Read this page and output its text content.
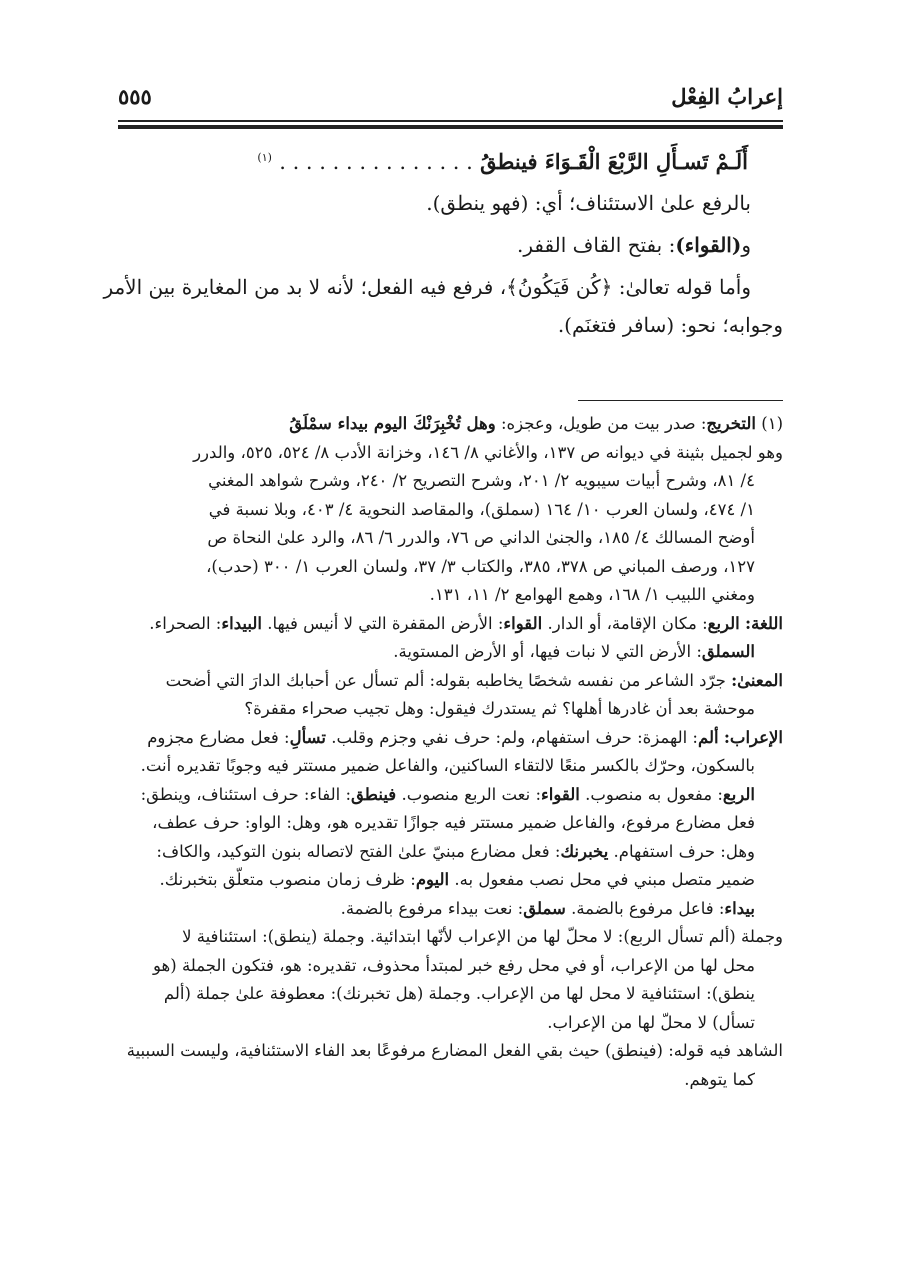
إعرابُ الفِعْل
٥٥٥
أَلَـمْ تَسـأَلِ الرَّبْعَ الْقَـوَاءَ فينطقُ . . . . . . . . . . . . . . . $^{(١)}$

بالرفع علىٰ الاستئناف؛ أي: (فهو ينطق).

و(القواء): بفتح القاف القفر.

وأما قوله تعالىٰ: ﴿كُن فَيَكُونُ﴾، فرفع فيه الفعل؛ لأنه لا بد من المغايرة بين الأمر

وجوابه؛ نحو: (سافر فتغنَم).

(١) التخريج: صدر بيت من طويل، وعجزه: وهل تُخْبِرَنْكَ اليوم بيداء سمْلَقُ

وهو لجميل بثينة في ديوانه ص ١٣٧، والأغاني ٨/ ١٤٦، وخزانة الأدب ٨/ ٥٢٤، ٥٢٥، والدرر

٤/ ٨١، وشرح أبيات سيبويه ٢/ ٢٠١، وشرح التصريح ٢/ ٢٤٠، وشرح شواهد المغني

١/ ٤٧٤، ولسان العرب ١٠/ ١٦٤ (سملق)، والمقاصد النحوية ٤/ ٤٠٣، وبلا نسبة في

أوضح المسالك ٤/ ١٨٥، والجنىٰ الداني ص ٧٦، والدرر ٦/ ٨٦، والرد علىٰ النحاة ص

١٢٧، ورصف المباني ص ٣٧٨، ٣٨٥، والكتاب ٣/ ٣٧، ولسان العرب ١/ ٣٠٠ (حدب)،

ومغني اللبيب ١/ ١٦٨، وهمع الهوامع ٢/ ١١، ١٣١.

اللغة: الربع: مكان الإقامة، أو الدار. القواء: الأرض المقفرة التي لا أنيس فيها. البيداء: الصحراء.

السملق: الأرض التي لا نبات فيها، أو الأرض المستوية.

المعنىٰ: جرّد الشاعر من نفسه شخصًا يخاطبه بقوله: ألم تسأل عن أحبابك الدارَ التي أضحت

موحشة بعد أن غادرها أهلها؟ ثم يستدرك فيقول: وهل تجيب صحراء مقفرة؟

الإعراب: ألم: الهمزة: حرف استفهام، ولم: حرف نفي وجزم وقلب. تسألِ: فعل مضارع مجزوم

بالسكون، وحرّك بالكسر منعًا لالتقاء الساكنين، والفاعل ضمير مستتر فيه وجوبًا تقديره أنت.

الربع: مفعول به منصوب. القواء: نعت الربع منصوب. فينطق: الفاء: حرف استئناف، وينطق:

فعل مضارع مرفوع، والفاعل ضمير مستتر فيه جوازًا تقديره هو، وهل: الواو: حرف عطف،

وهل: حرف استفهام. يخبرنك: فعل مضارع مبنيّ علىٰ الفتح لاتصاله بنون التوكيد، والكاف:

ضمير متصل مبني في محل نصب مفعول به. اليوم: ظرف زمان منصوب متعلّق بتخبرنك.

بيداء: فاعل مرفوع بالضمة. سملق: نعت بيداء مرفوع بالضمة.

وجملة (ألم تسأل الربع): لا محلّ لها من الإعراب لأنّها ابتدائية. وجملة (ينطق): استئنافية لا

محل لها من الإعراب، أو في محل رفع خبر لمبتدأ محذوف، تقديره: هو، فتكون الجملة (هو

ينطق): استئنافية لا محل لها من الإعراب. وجملة (هل تخبرنك): معطوفة علىٰ جملة (ألم

تسأل) لا محلّ لها من الإعراب.

الشاهد فيه قوله: (فينطق) حيث بقي الفعل المضارع مرفوعًا بعد الفاء الاستئنافية، وليست السببية

كما يتوهم.
